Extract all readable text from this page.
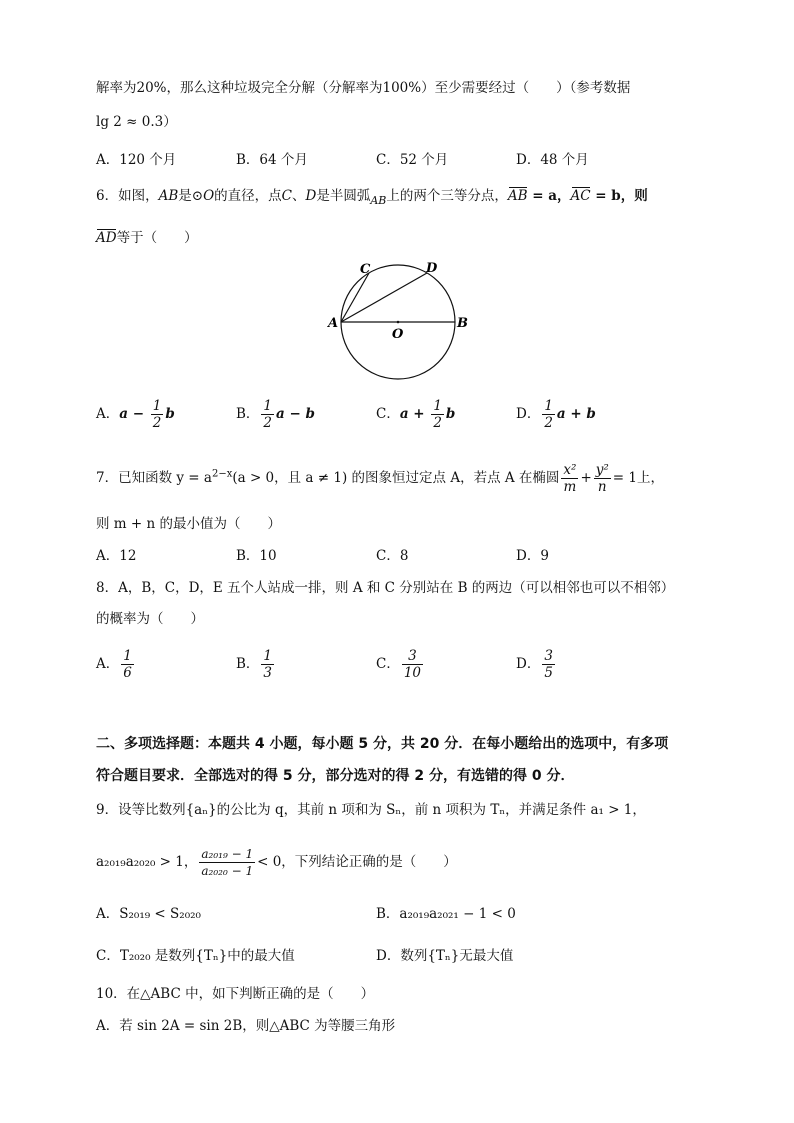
解率为20%，那么这种垃圾完全分解（分解率为100%）至少需要经过（　　）（参考数据
lg 2 ≈ 0.3）
A．120 个月	B．64 个月	C．52 个月	D．48 个月
6．如图，AB是⊙O的直径，点C、D是半圆弧$_{AB}$上的两个三等分点，AB = a，AC = b，则
AD等于（　　）
A	B
C	D
O
A．$a - \frac{1}{2}$ b	B． $\frac{1}{2}$ a − b	C．$a + \frac{1}{2}$ b	D． $\frac{1}{2}$ a + b
7．已知函数 $y = a^{2-x}(a > 0$，且 a ≠ 1) 的图象恒过定点 A，若点 A 在椭圆 $\frac{\text{x²}}{m} + \frac{\text{y²}}{n} = 1$上，
则 m + n 的最小值为（　　）
A．12	B．10	C．8	D．9
8．A，B，C，D，E 五个人站成一排，则 A 和 C 分别站在 B 的两边（可以相邻也可以不相邻）
的概率为（　　）
A． $\frac{1}{6}$	B． $\frac{1}{3}$	C． $\frac{3}{10}$	D． $\frac{3}{5}$
二、多项选择题：本题共 4 小题，每小题 5 分，共 20 分．在每小题给出的选项中，有多项
符合题目要求．全部选对的得 5 分，部分选对的得 2 分，有选错的得 0 分．
9．设等比数列{aₙ}的公比为 q，其前 n 项和为 Sₙ，前 n 项积为 Tₙ，并满足条件 a₁ > 1，
a₂₀₁₉a₂₀₂₀ > 1， $\frac{\text{a₂₀₁₉ − 1}}{\text{a₂₀₂₀ − 1}} < 0$，下列结论正确的是（　　）
A．S₂₀₁₉ < S₂₀₂₀	B．a₂₀₁₉a₂₀₂₁ − 1 < 0
C．T₂₀₂₀ 是数列{Tₙ}中的最大值	D．数列{Tₙ}无最大值
10．在△ABC 中，如下判断正确的是（　　）
A．若 sin 2A = sin 2B，则△ABC 为等腰三角形
